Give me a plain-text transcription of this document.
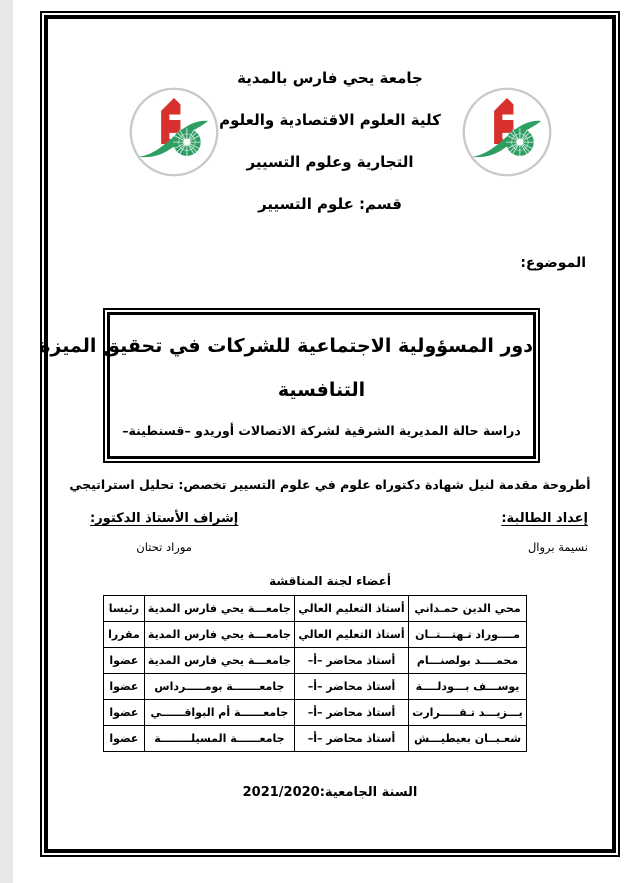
جامعة يحي فارس بالمدية
كلية العلوم الاقتصادية والعلوم
التجارية وعلوم التسيير
قسم: علوم التسيير
الموضوع:
دور المسؤولية الاجتماعية للشركات في تحقيق الميزة
التنافسية
دراسة حالة المديرية الشرقية لشركة الاتصالات أوريدو –قسنطينة–
أطروحة مقدمة لنيل شهادة دكتوراه علوم في علوم التسيير تخصص: تحليل استراتيجي
إعداد الطالبة:
نسيمة بروال
إشراف الأستاذ الدكتور:
موراد تحتان
أعضاء لجنة المناقشة
محي الدين حمـداني	أستاذ التعليم العالي	جامعـــة يحي فارس المدية	رئيسا
مــــوراد تـهتـــتــان	أستاذ التعليم العالي	جامعـــة يحي فارس المدية	مقررا
محمــــد بولصنـــام	أستاذ محاضر –أ–	جامعـــة يحي فارس المدية	عضوا
يوســـف بـــودلــــة	أستاذ محاضر –أ–	جامعـــــــة بومـــــرداس	عضوا
يـــزيـــد تـقـــــرارت	أستاذ محاضر –أ–	جامعــــــة أم البواقــــــي	عضوا
شعـبــان بعيطيـــش	أستاذ محاضر –أ–	جامعــــــة المسيلــــــــة	عضوا
السنة الجامعية:2021/2020
